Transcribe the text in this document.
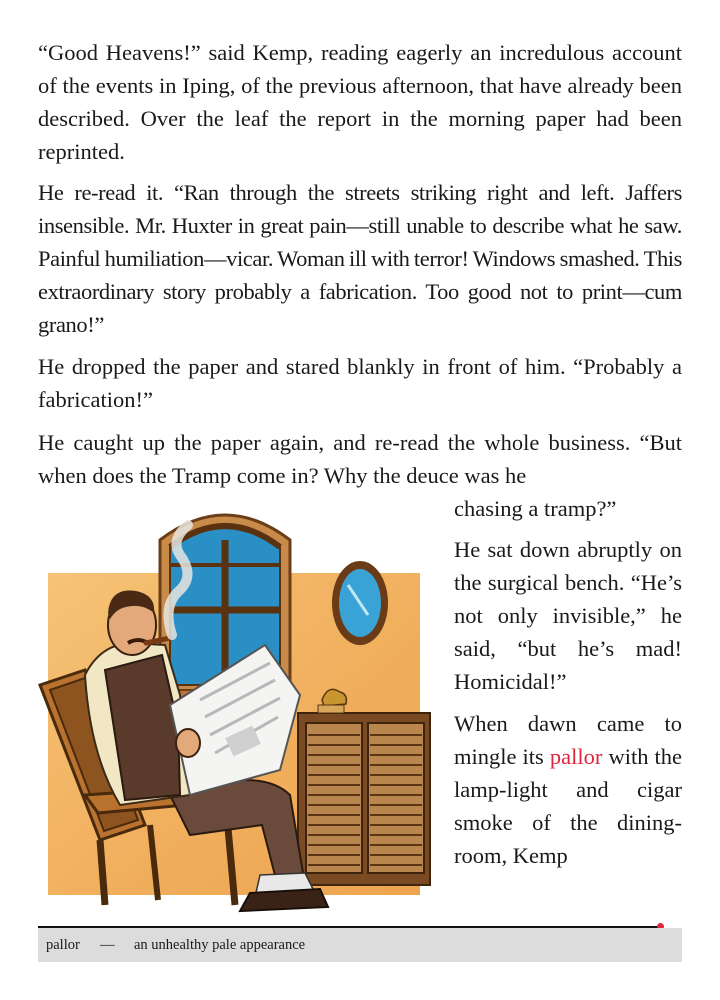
“Good Heavens!” said Kemp, reading eagerly an incredulous account of the events in Iping, of the previous afternoon, that have already been described. Over the leaf the report in the morning paper had been reprinted.

He re-read it. “Ran through the streets striking right and left. Jaffers insensible. Mr. Huxter in great pain—still unable to describe what he saw. Painful humiliation—vicar. Woman ill with terror! Windows smashed. This extraordinary story probably a fabrication. Too good not to print—cum grano!”

He dropped the paper and stared blankly in front of him. “Probably a fabrication!”

He caught up the paper again, and re-read the whole business. “But when does the Tramp come in? Why the deuce was he

chasing a tramp?”

He sat down abruptly on the surgical bench. “He’s not only invisible,” he said, “but he’s mad! Homicidal!”

When dawn came to mingle its pallor with the lamp-light and cigar smoke of the dining-room, Kemp

pallor — an unhealthy pale appearance
